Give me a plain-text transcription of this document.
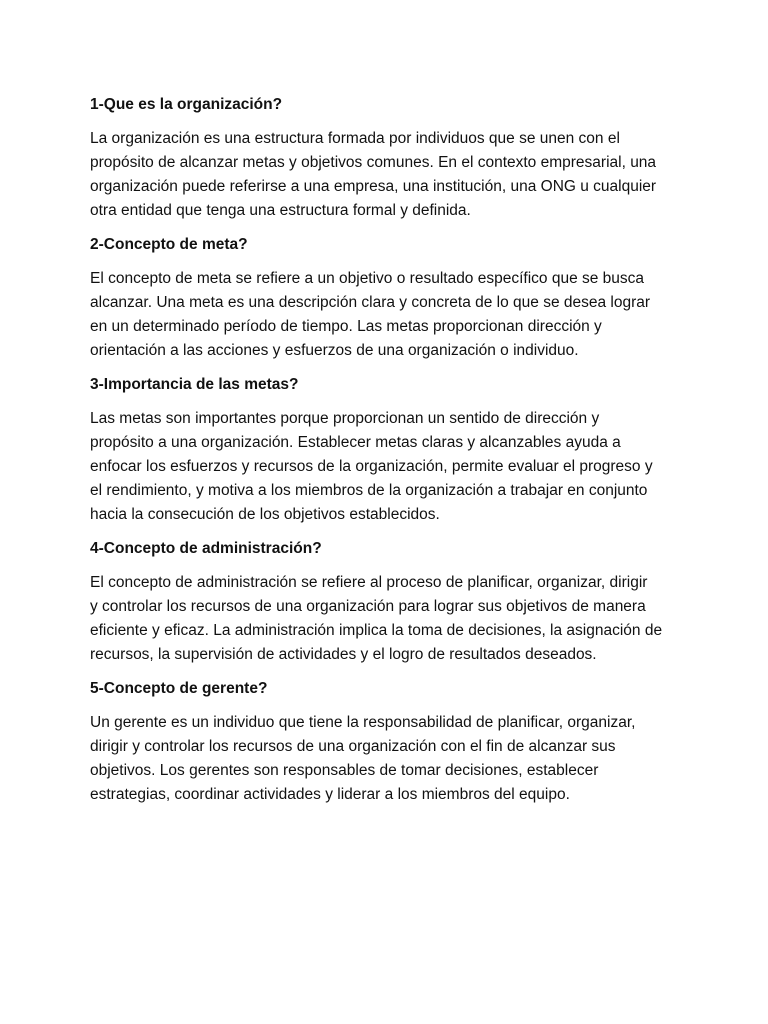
1-Que es la organización?

La organización es una estructura formada por individuos que se unen con el
propósito de alcanzar metas y objetivos comunes. En el contexto empresarial, una
organización puede referirse a una empresa, una institución, una ONG u cualquier
otra entidad que tenga una estructura formal y definida.

2-Concepto de meta?

El concepto de meta se refiere a un objetivo o resultado específico que se busca
alcanzar. Una meta es una descripción clara y concreta de lo que se desea lograr
en un determinado período de tiempo. Las metas proporcionan dirección y
orientación a las acciones y esfuerzos de una organización o individuo.

3-Importancia de las metas?

Las metas son importantes porque proporcionan un sentido de dirección y
propósito a una organización. Establecer metas claras y alcanzables ayuda a
enfocar los esfuerzos y recursos de la organización, permite evaluar el progreso y
el rendimiento, y motiva a los miembros de la organización a trabajar en conjunto
hacia la consecución de los objetivos establecidos.

4-Concepto de administración?

El concepto de administración se refiere al proceso de planificar, organizar, dirigir
y controlar los recursos de una organización para lograr sus objetivos de manera
eficiente y eficaz. La administración implica la toma de decisiones, la asignación de
recursos, la supervisión de actividades y el logro de resultados deseados.

5-Concepto de gerente?

Un gerente es un individuo que tiene la responsabilidad de planificar, organizar,
dirigir y controlar los recursos de una organización con el fin de alcanzar sus
objetivos. Los gerentes son responsables de tomar decisiones, establecer
estrategias, coordinar actividades y liderar a los miembros del equipo.
